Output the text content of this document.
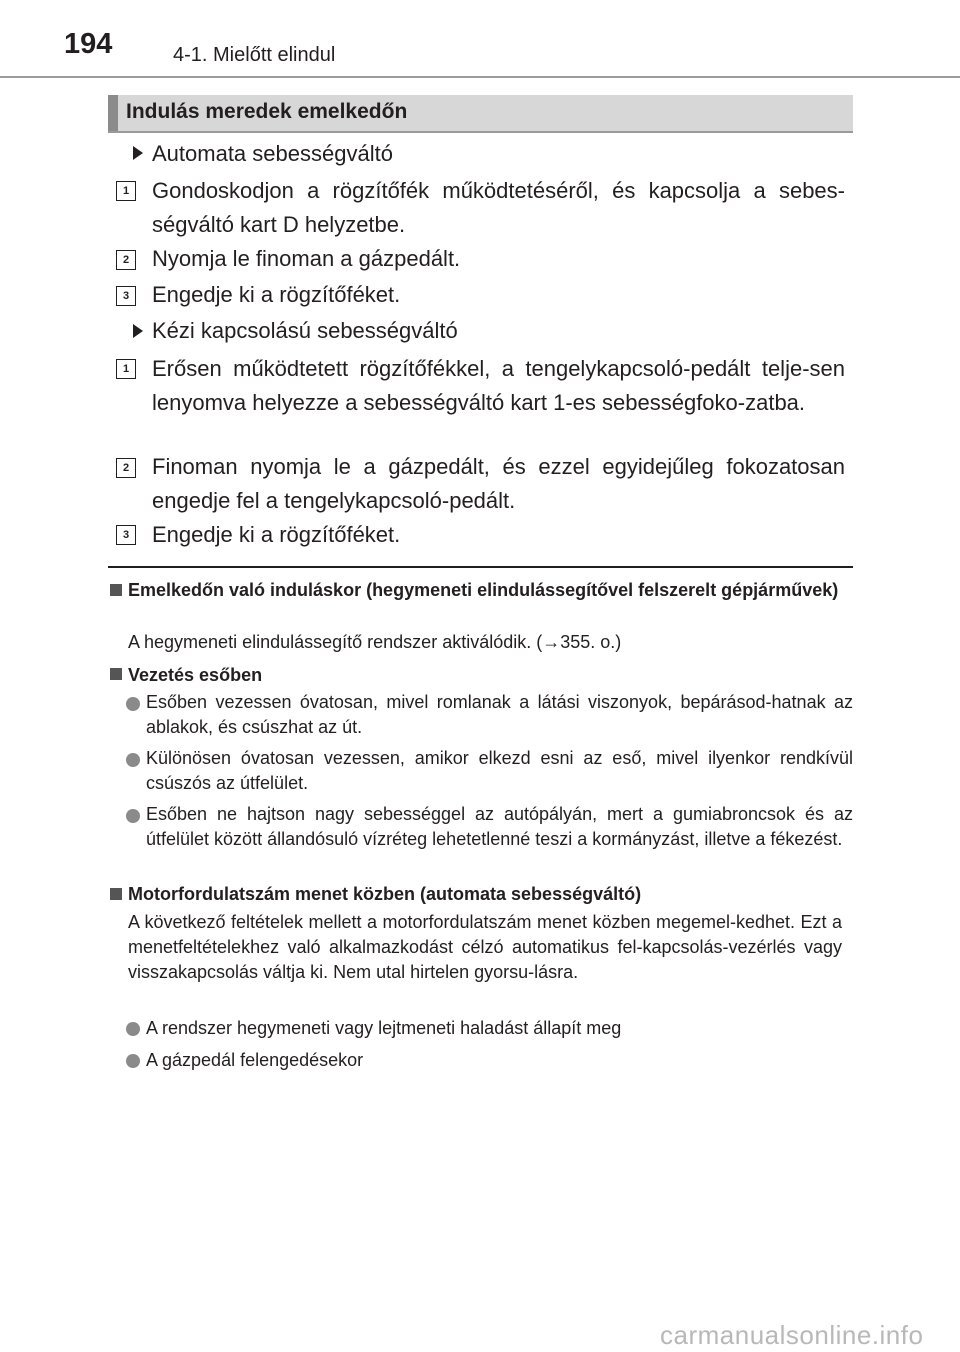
194	4-1. Mielőtt elindul
Indulás meredek emelkedőn
Automata sebességváltó
1	Gondoskodjon a rögzítőfék működtetéséről, és kapcsolja a sebes-ségváltó kart D helyzetbe.
2	Nyomja le finoman a gázpedált.
3	Engedje ki a rögzítőféket.
Kézi kapcsolású sebességváltó
1	Erősen működtetett rögzítőfékkel, a tengelykapcsoló-pedált telje-sen lenyomva helyezze a sebességváltó kart 1-es sebességfoko-zatba.
2	Finoman nyomja le a gázpedált, és ezzel egyidejűleg fokozatosan engedje fel a tengelykapcsoló-pedált.
3	Engedje ki a rögzítőféket.
Emelkedőn való induláskor (hegymeneti elindulássegítővel felszerelt gépjárművek)
A hegymeneti elindulássegítő rendszer aktiválódik. (→355. o.)
Vezetés esőben
Esőben vezessen óvatosan, mivel romlanak a látási viszonyok, bepárásod-hatnak az ablakok, és csúszhat az út.
Különösen óvatosan vezessen, amikor elkezd esni az eső, mivel ilyenkor rendkívül csúszós az útfelület.
Esőben ne hajtson nagy sebességgel az autópályán, mert a gumiabroncsok és az útfelület között állandósuló vízréteg lehetetlenné teszi a kormányzást, illetve a fékezést.
Motorfordulatszám menet közben (automata sebességváltó)
A következő feltételek mellett a motorfordulatszám menet közben megemel-kedhet. Ezt a menetfeltételekhez való alkalmazkodást célzó automatikus fel-kapcsolás-vezérlés vagy visszakapcsolás váltja ki. Nem utal hirtelen gyorsu-lásra.
A rendszer hegymeneti vagy lejtmeneti haladást állapít meg
A gázpedál felengedésekor
carmanualsonline.info
